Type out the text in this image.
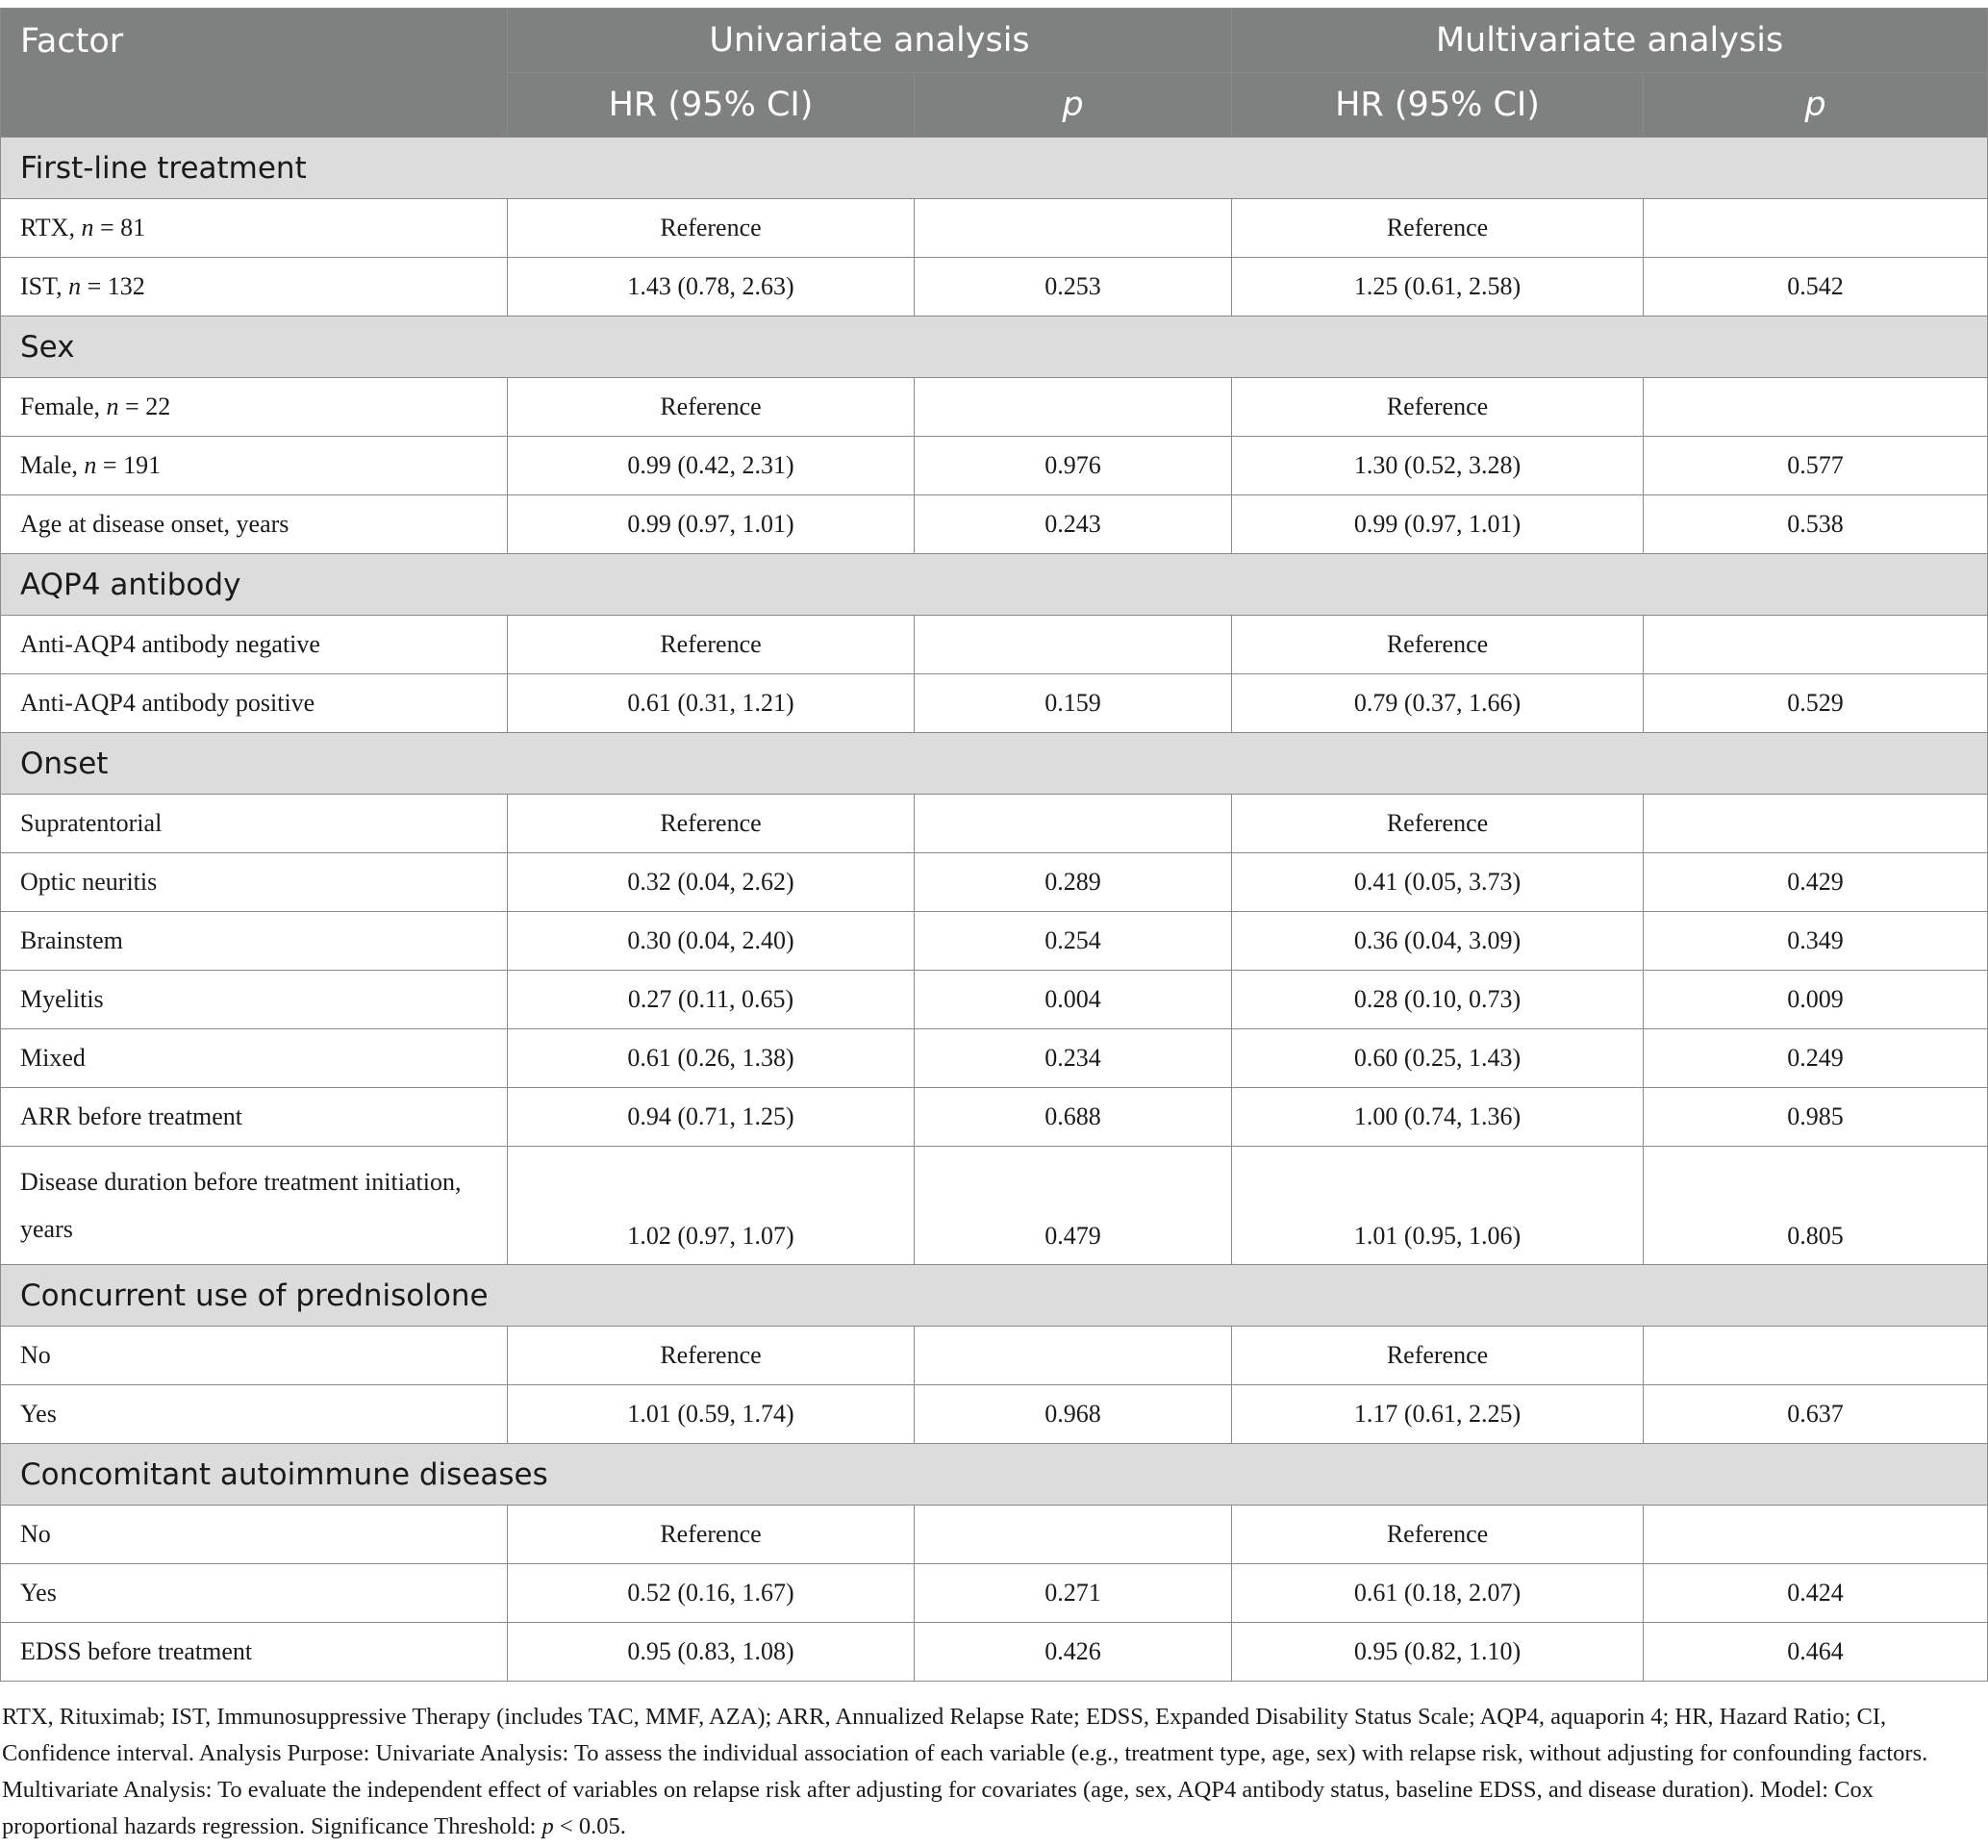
Factor	Univariate analysis		Multivariate analysis	
	HR (95% CI)	p	HR (95% CI)	p
First-line treatment				
RTX, n = 81	Reference		Reference	
IST, n = 132	1.43 (0.78, 2.63)	0.253	1.25 (0.61, 2.58)	0.542
Sex				
Female, n = 22	Reference		Reference	
Male, n = 191	0.99 (0.42, 2.31)	0.976	1.30 (0.52, 3.28)	0.577
Age at disease onset, years	0.99 (0.97, 1.01)	0.243	0.99 (0.97, 1.01)	0.538
AQP4 antibody				
Anti-AQP4 antibody negative	Reference		Reference	
Anti-AQP4 antibody positive	0.61 (0.31, 1.21)	0.159	0.79 (0.37, 1.66)	0.529
Onset				
Supratentorial	Reference		Reference	
Optic neuritis	0.32 (0.04, 2.62)	0.289	0.41 (0.05, 3.73)	0.429
Brainstem	0.30 (0.04, 2.40)	0.254	0.36 (0.04, 3.09)	0.349
Myelitis	0.27 (0.11, 0.65)	0.004	0.28 (0.10, 0.73)	0.009
Mixed	0.61 (0.26, 1.38)	0.234	0.60 (0.25, 1.43)	0.249
ARR before treatment	0.94 (0.71, 1.25)	0.688	1.00 (0.74, 1.36)	0.985
Disease duration before treatment initiation, years	1.02 (0.97, 1.07)	0.479	1.01 (0.95, 1.06)	0.805
Concurrent use of prednisolone				
No	Reference		Reference	
Yes	1.01 (0.59, 1.74)	0.968	1.17 (0.61, 2.25)	0.637
Concomitant autoimmune diseases				
No	Reference		Reference	
Yes	0.52 (0.16, 1.67)	0.271	0.61 (0.18, 2.07)	0.424
EDSS before treatment	0.95 (0.83, 1.08)	0.426	0.95 (0.82, 1.10)	0.464
RTX, Rituximab; IST, Immunosuppressive Therapy (includes TAC, MMF, AZA); ARR, Annualized Relapse Rate; EDSS, Expanded Disability Status Scale; AQP4, aquaporin 4; HR, Hazard Ratio; CI, Confidence interval. Analysis Purpose: Univariate Analysis: To assess the individual association of each variable (e.g., treatment type, age, sex) with relapse risk, without adjusting for confounding factors. Multivariate Analysis: To evaluate the independent effect of variables on relapse risk after adjusting for covariates (age, sex, AQP4 antibody status, baseline EDSS, and disease duration). Model: Cox proportional hazards regression. Significance Threshold: p < 0.05.
